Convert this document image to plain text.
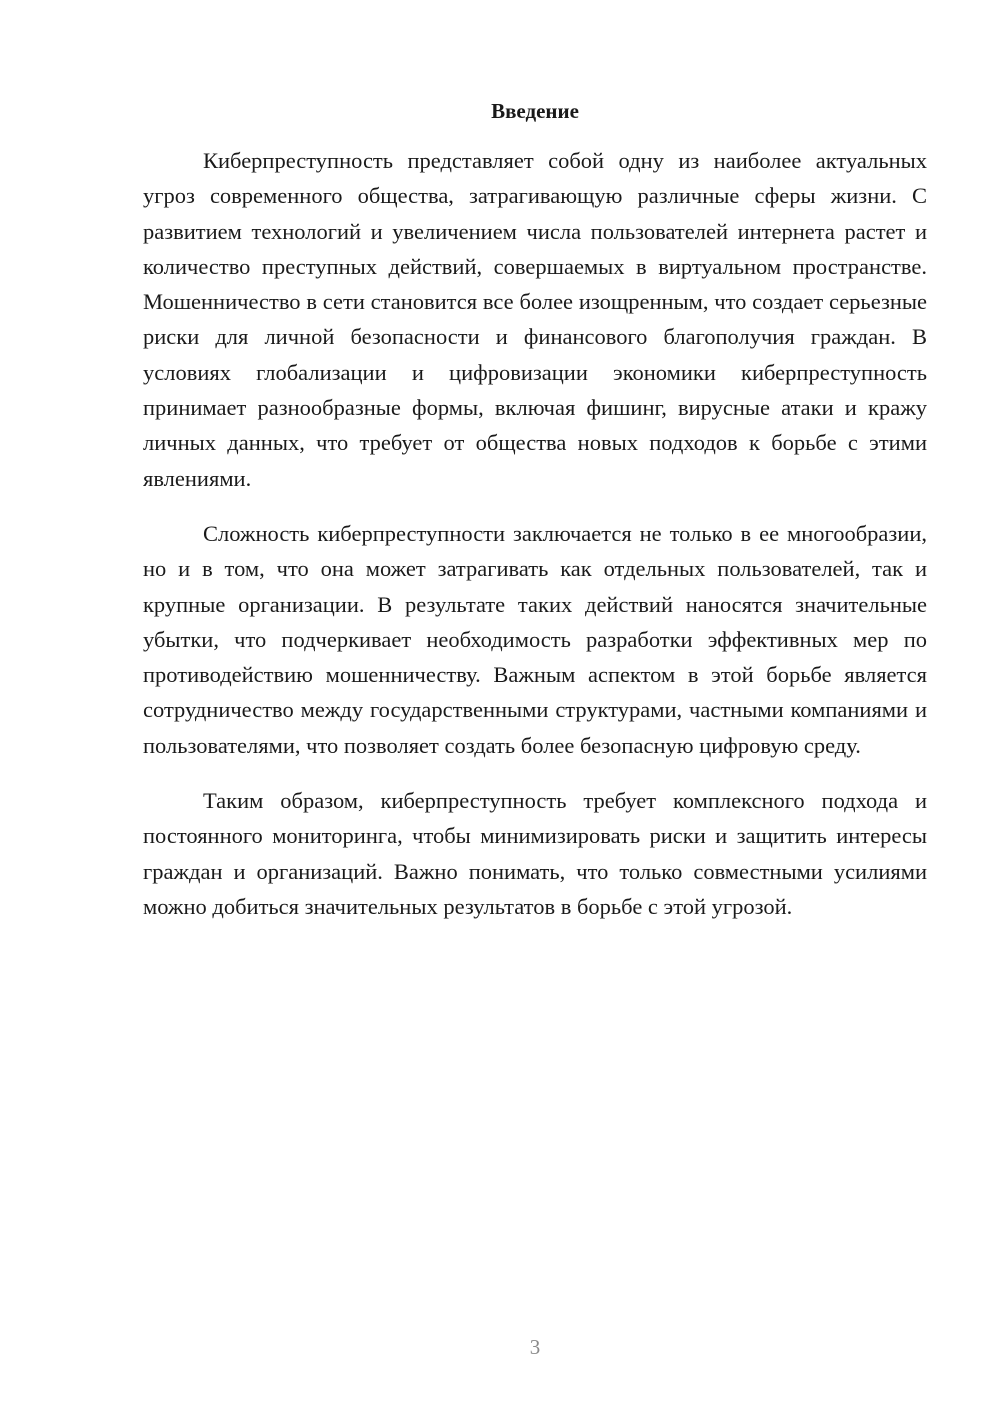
Введение

Киберпреступность представляет собой одну из наиболее актуальных угроз современного общества, затрагивающую различные сферы жизни. С развитием технологий и увеличением числа пользователей интернета растет и количество преступных действий, совершаемых в виртуальном пространстве. Мошенничество в сети становится все более изощренным, что создает серьезные риски для личной безопасности и финансового благополучия граждан. В условиях глобализации и цифровизации экономики киберпреступность принимает разнообразные формы, включая фишинг, вирусные атаки и кражу личных данных, что требует от общества новых подходов к борьбе с этими явлениями.

Сложность киберпреступности заключается не только в ее многообразии, но и в том, что она может затрагивать как отдельных пользователей, так и крупные организации. В результате таких действий наносятся значительные убытки, что подчеркивает необходимость разработки эффективных мер по противодействию мошенничеству. Важным аспектом в этой борьбе является сотрудничество между государственными структурами, частными компаниями и пользователями, что позволяет создать более безопасную цифровую среду.

Таким образом, киберпреступность требует комплексного подхода и постоянного мониторинга, чтобы минимизировать риски и защитить интересы граждан и организаций. Важно понимать, что только совместными усилиями можно добиться значительных результатов в борьбе с этой угрозой.

3
